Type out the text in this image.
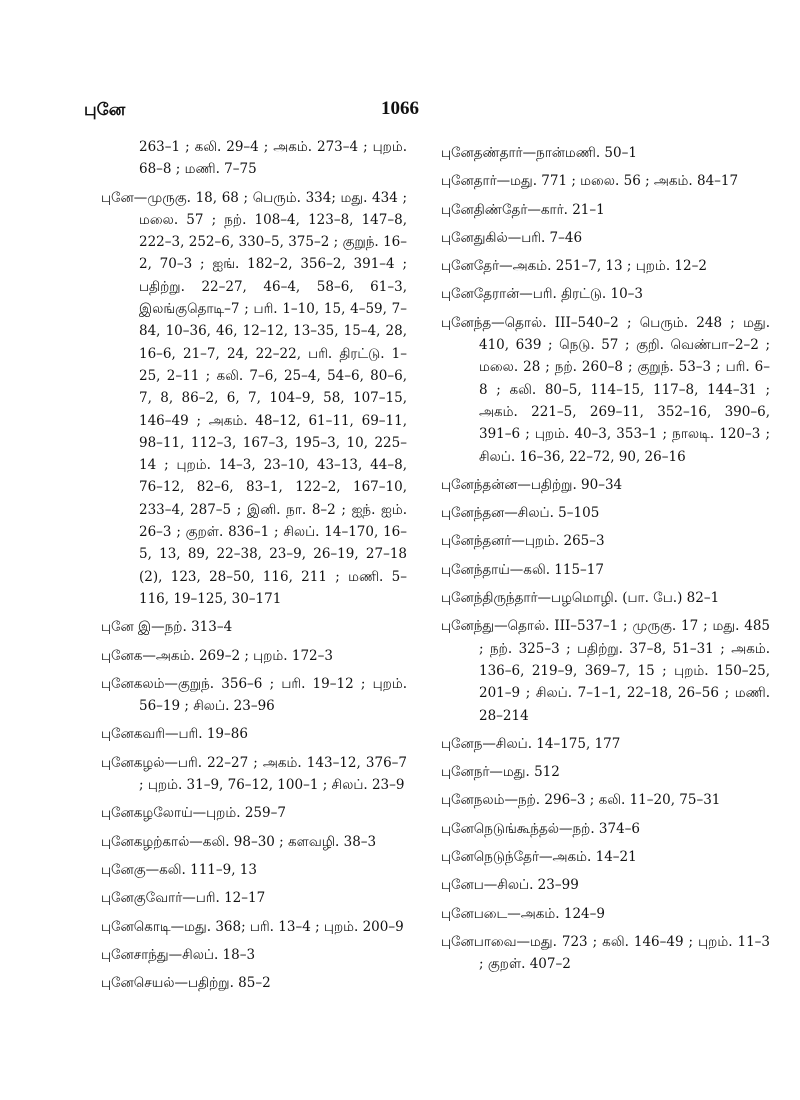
புனே	1066

263–1 ; கலி. 29–4 ; அகம். 273–4 ; புறம். 68–8 ; மணி. 7–75

புனே—முருகு. 18, 68 ; பெரும். 334; மது. 434 ; மலை. 57 ; நற். 108–4, 123–8, 147–8, 222–3, 252–6, 330–5, 375–2 ; குறுந். 16–2, 70–3 ; ஐங். 182–2, 356–2, 391–4 ; பதிற்று. 22–27, 46–4, 58–6, 61–3, இலங்குதொடி–7 ; பரி. 1–10, 15, 4–59, 7–84, 10–36, 46, 12–12, 13–35, 15–4, 28, 16–6, 21–7, 24, 22–22, பரி. திரட்டு. 1–25, 2–11 ; கலி. 7–6, 25–4, 54–6, 80–6, 7, 8, 86–2, 6, 7, 104–9, 58, 107–15, 146–49 ; அகம். 48–12, 61–11, 69–11, 98–11, 112–3, 167–3, 195–3, 10, 225–14 ; புறம். 14–3, 23–10, 43–13, 44–8, 76–12, 82–6, 83–1, 122–2, 167–10, 233–4, 287–5 ; இனி. நா. 8–2 ; ஐந். ஐம். 26–3 ; குறள். 836–1 ; சிலப். 14–170, 16–5, 13, 89, 22–38, 23–9, 26–19, 27–18 (2), 123, 28–50, 116, 211 ; மணி. 5–116, 19–125, 30–171

புனே இ—நற். 313–4

புனேக—அகம். 269–2 ; புறம். 172–3

புனேகலம்—குறுந். 356–6 ; பரி. 19–12 ; புறம். 56–19 ; சிலப். 23–96

புனேகவரி—பரி. 19–86

புனேகழல்—பரி. 22–27 ; அகம். 143–12, 376–7 ; புறம். 31–9, 76–12, 100–1 ; சிலப். 23–9

புனேகழலோய்—புறம். 259–7

புனேகழற்கால்—கலி. 98–30 ; களவழி. 38–3

புனேகு—கலி. 111–9, 13

புனேகுவோர்—பரி. 12–17

புனேகொடி—மது. 368; பரி. 13–4 ; புறம். 200–9

புனேசாந்து—சிலப். 18–3

புனேசெயல்—பதிற்று. 85–2

புனேதண்தார்—நான்மணி. 50–1

புனேதார்—மது. 771 ; மலை. 56 ; அகம். 84–17

புனேதிண்தேர்—கார். 21–1

புனேதுகில்—பரி. 7–46

புனேதேர்—அகம். 251–7, 13 ; புறம். 12–2

புனேதேரான்—பரி. திரட்டு. 10–3

புனேந்த—தொல். III–540–2 ; பெரும். 248 ; மது. 410, 639 ; நெடு. 57 ; குறி. வெண்பா–2–2 ; மலை. 28 ; நற். 260–8 ; குறுந். 53–3 ; பரி. 6–8 ; கலி. 80–5, 114–15, 117–8, 144–31 ; அகம். 221–5, 269–11, 352–16, 390–6, 391–6 ; புறம். 40–3, 353–1 ; நாலடி. 120–3 ; சிலப். 16–36, 22–72, 90, 26–16

புனேந்தன்ன—பதிற்று. 90–34

புனேந்தன—சிலப். 5–105

புனேந்தனர்—புறம். 265–3

புனேந்தாய்—கலி. 115–17

புனேந்திருந்தார்—பழமொழி. (பா. பே.) 82–1

புனேந்து—தொல். III–537–1 ; முருகு. 17 ; மது. 485 ; நற். 325–3 ; பதிற்று. 37–8, 51–31 ; அகம். 136–6, 219–9, 369–7, 15 ; புறம். 150–25, 201–9 ; சிலப். 7–1–1, 22–18, 26–56 ; மணி. 28–214

புனேந—சிலப். 14–175, 177

புனேநர்—மது. 512

புனேநலம்—நற். 296–3 ; கலி. 11–20, 75–31

புனேநெடுங்கூந்தல்—நற். 374–6

புனேநெடுந்தேர்—அகம். 14–21

புனேப—சிலப். 23–99

புனேபடை—அகம். 124–9

புனேபாவை—மது. 723 ; கலி. 146–49 ; புறம். 11–3 ; குறள். 407–2
